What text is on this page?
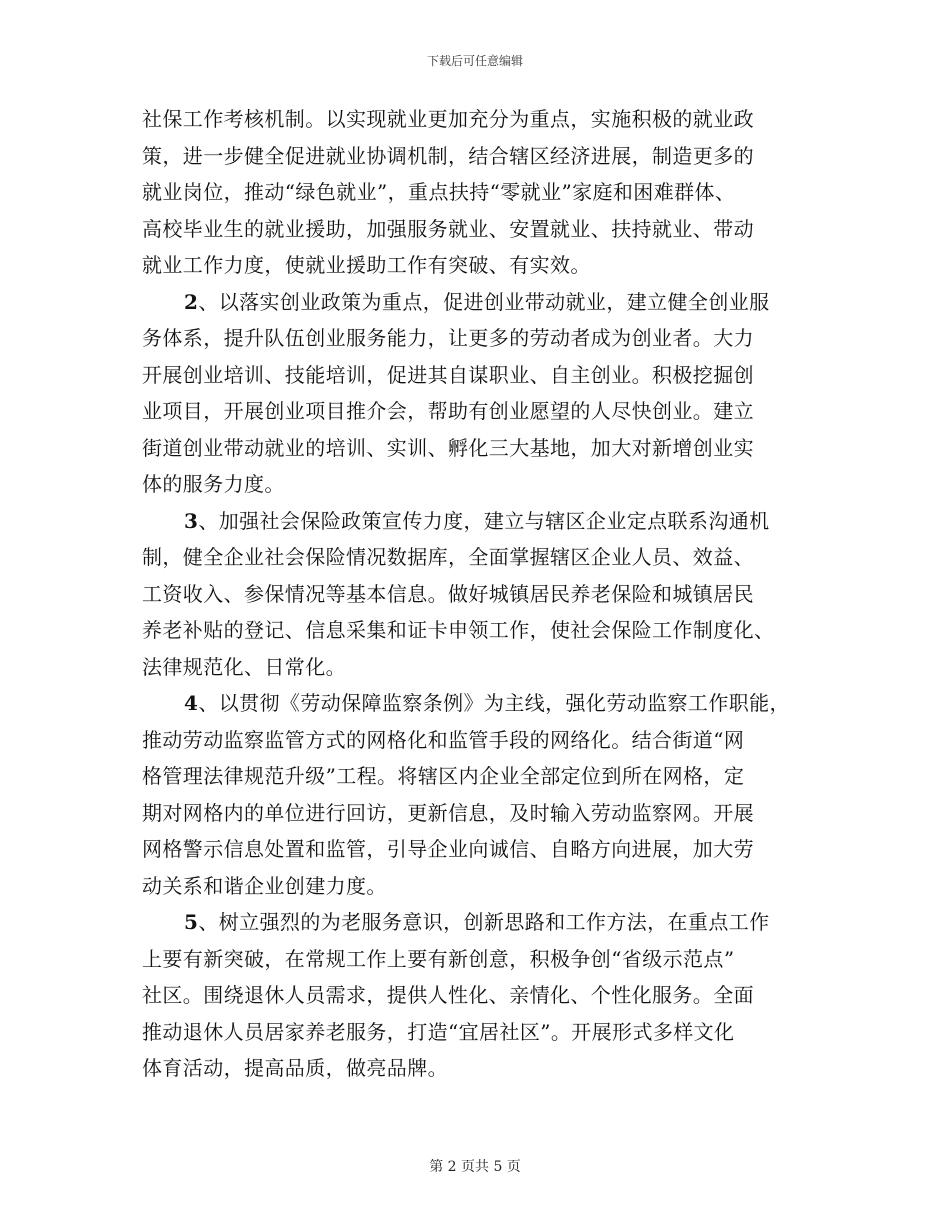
下载后可任意编辑
社保工作考核机制。以实现就业更加充分为重点，实施积极的就业政
策，进一步健全促进就业协调机制，结合辖区经济进展，制造更多的
就业岗位，推动“绿色就业”，重点扶持“零就业”家庭和困难群体、
高校毕业生的就业援助，加强服务就业、安置就业、扶持就业、带动
就业工作力度，使就业援助工作有突破、有实效。
2、以落实创业政策为重点，促进创业带动就业，建立健全创业服
务体系，提升队伍创业服务能力，让更多的劳动者成为创业者。大力
开展创业培训、技能培训，促进其自谋职业、自主创业。积极挖掘创
业项目，开展创业项目推介会，帮助有创业愿望的人尽快创业。建立
街道创业带动就业的培训、实训、孵化三大基地，加大对新增创业实
体的服务力度。
3、加强社会保险政策宣传力度，建立与辖区企业定点联系沟通机
制，健全企业社会保险情况数据库，全面掌握辖区企业人员、效益、
工资收入、参保情况等基本信息。做好城镇居民养老保险和城镇居民
养老补贴的登记、信息采集和证卡申领工作，使社会保险工作制度化、
法律规范化、日常化。
4、以贯彻《劳动保障监察条例》为主线，强化劳动监察工作职能，
推动劳动监察监管方式的网格化和监管手段的网络化。结合街道“网
格管理法律规范升级”工程。将辖区内企业全部定位到所在网格，定
期对网格内的单位进行回访，更新信息，及时输入劳动监察网。开展
网格警示信息处置和监管，引导企业向诚信、自略方向进展，加大劳
动关系和谐企业创建力度。
5、树立强烈的为老服务意识，创新思路和工作方法，在重点工作
上要有新突破，在常规工作上要有新创意，积极争创“省级示范点”
社区。围绕退休人员需求，提供人性化、亲情化、个性化服务。全面
推动退休人员居家养老服务，打造“宜居社区”。开展形式多样文化
体育活动，提高品质，做亮品牌。
第 2 页共 5 页
